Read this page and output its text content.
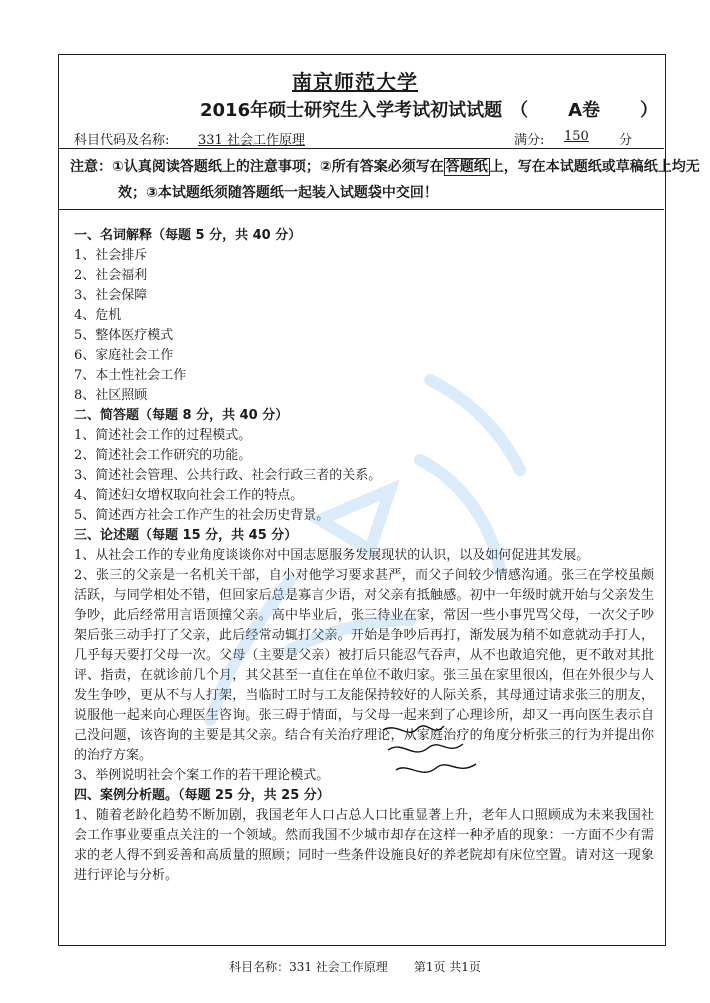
南京师范大学
2016年硕士研究生入学考试初试试题 （ A卷 ）
科目代码及名称: 331 社会工作原理	满分: 150 分
注意：①认真阅读答题纸上的注意事项；②所有答案必须写在 答题纸 上，写在本试题纸或草稿纸上均无
效；③本试题纸须随答题纸一起装入试题袋中交回！
一、名词解释（每题 5 分，共 40 分）
1、社会排斥
2、社会福利
3、社会保障
4、危机
5、整体医疗模式
6、家庭社会工作
7、本土性社会工作
8、社区照顾
二、简答题（每题 8 分，共 40 分）
1、简述社会工作的过程模式。
2、简述社会工作研究的功能。
3、简述社会管理、公共行政、社会行政三者的关系。
4、简述妇女增权取向社会工作的特点。
5、简述西方社会工作产生的社会历史背景。
三、论述题（每题 15 分，共 45 分）

1、从社会工作的专业角度谈谈你对中国志愿服务发展现状的认识，以及如何促进其发展。

2、张三的父亲是一名机关干部，自小对他学习要求甚严，而父子间较少情感沟通。张三在学校虽颇活跃，与同学相处不错，但回家后总是寡言少语，对父亲有抵触感。初中一年级时就开始与父亲发生争吵，此后经常用言语顶撞父亲。高中毕业后，张三待业在家，常因一些小事咒骂父母，一次父子吵架后张三动手打了父亲，此后经常动辄打父亲。开始是争吵后再打，渐发展为稍不如意就动手打人，几乎每天要打父母一次。父母（主要是父亲）被打后只能忍气吞声，从不也敢追究他，更不敢对其批评、指责，在就诊前几个月，其父甚至一直住在单位不敢归家。张三虽在家里很凶，但在外很少与人发生争吵，更从不与人打架，当临时工时与工友能保持较好的人际关系，其母通过请求张三的朋友，说服他一起来向心理医生咨询。张三碍于情面，与父母一起来到了心理诊所，却又一再向医生表示自己没问题，该咨询的主要是其父亲。结合有关治疗理论，从家庭治疗的角度分析张三的行为并提出你的治疗方案。

3、举例说明社会个案工作的若干理论模式。

四、案例分析题。（每题 25 分，共 25 分）

1、随着老龄化趋势不断加剧，我国老年人口占总人口比重显著上升，老年人口照顾成为未来我国社会工作事业要重点关注的一个领域。然而我国不少城市却存在这样一种矛盾的现象：一方面不少有需求的老人得不到妥善和高质量的照顾；同时一些条件设施良好的养老院却有床位空置。请对这一现象进行评论与分析。

科目名称：331 社会工作原理 第1页 共1页
